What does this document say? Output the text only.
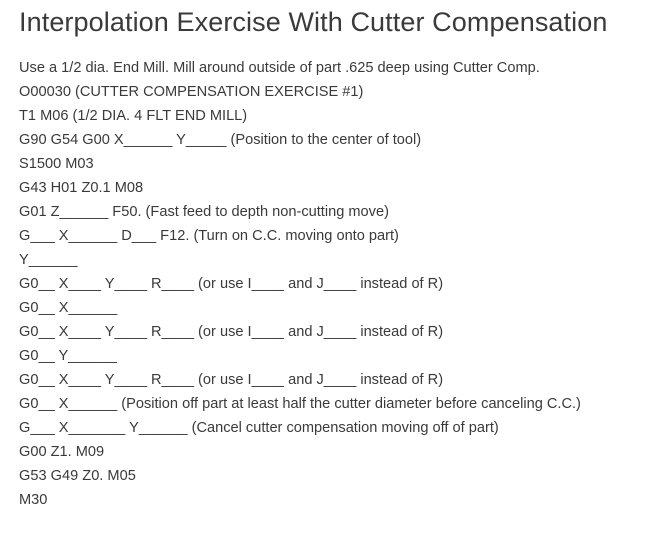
Interpolation Exercise With Cutter Compensation
Use a 1/2 dia. End Mill. Mill around outside of part .625 deep using Cutter Comp.
O00030 (CUTTER COMPENSATION EXERCISE #1)
T1 M06 (1/2 DIA. 4 FLT END MILL)
G90 G54 G00 X______ Y_____ (Position to the center of tool)
S1500 M03
G43 H01 Z0.1 M08
G01 Z______ F50. (Fast feed to depth non-cutting move)
G___ X______ D___ F12. (Turn on C.C. moving onto part)
Y______
G0__ X____ Y____ R____ (or use I____ and J____ instead of R)
G0__ X______
G0__ X____ Y____ R____ (or use I____ and J____ instead of R)
G0__ Y______
G0__ X____ Y____ R____ (or use I____ and J____ instead of R)
G0__ X______ (Position off part at least half the cutter diameter before canceling C.C.)
G___ X_______ Y______ (Cancel cutter compensation moving off of part)
G00 Z1. M09
G53 G49 Z0. M05
M30
